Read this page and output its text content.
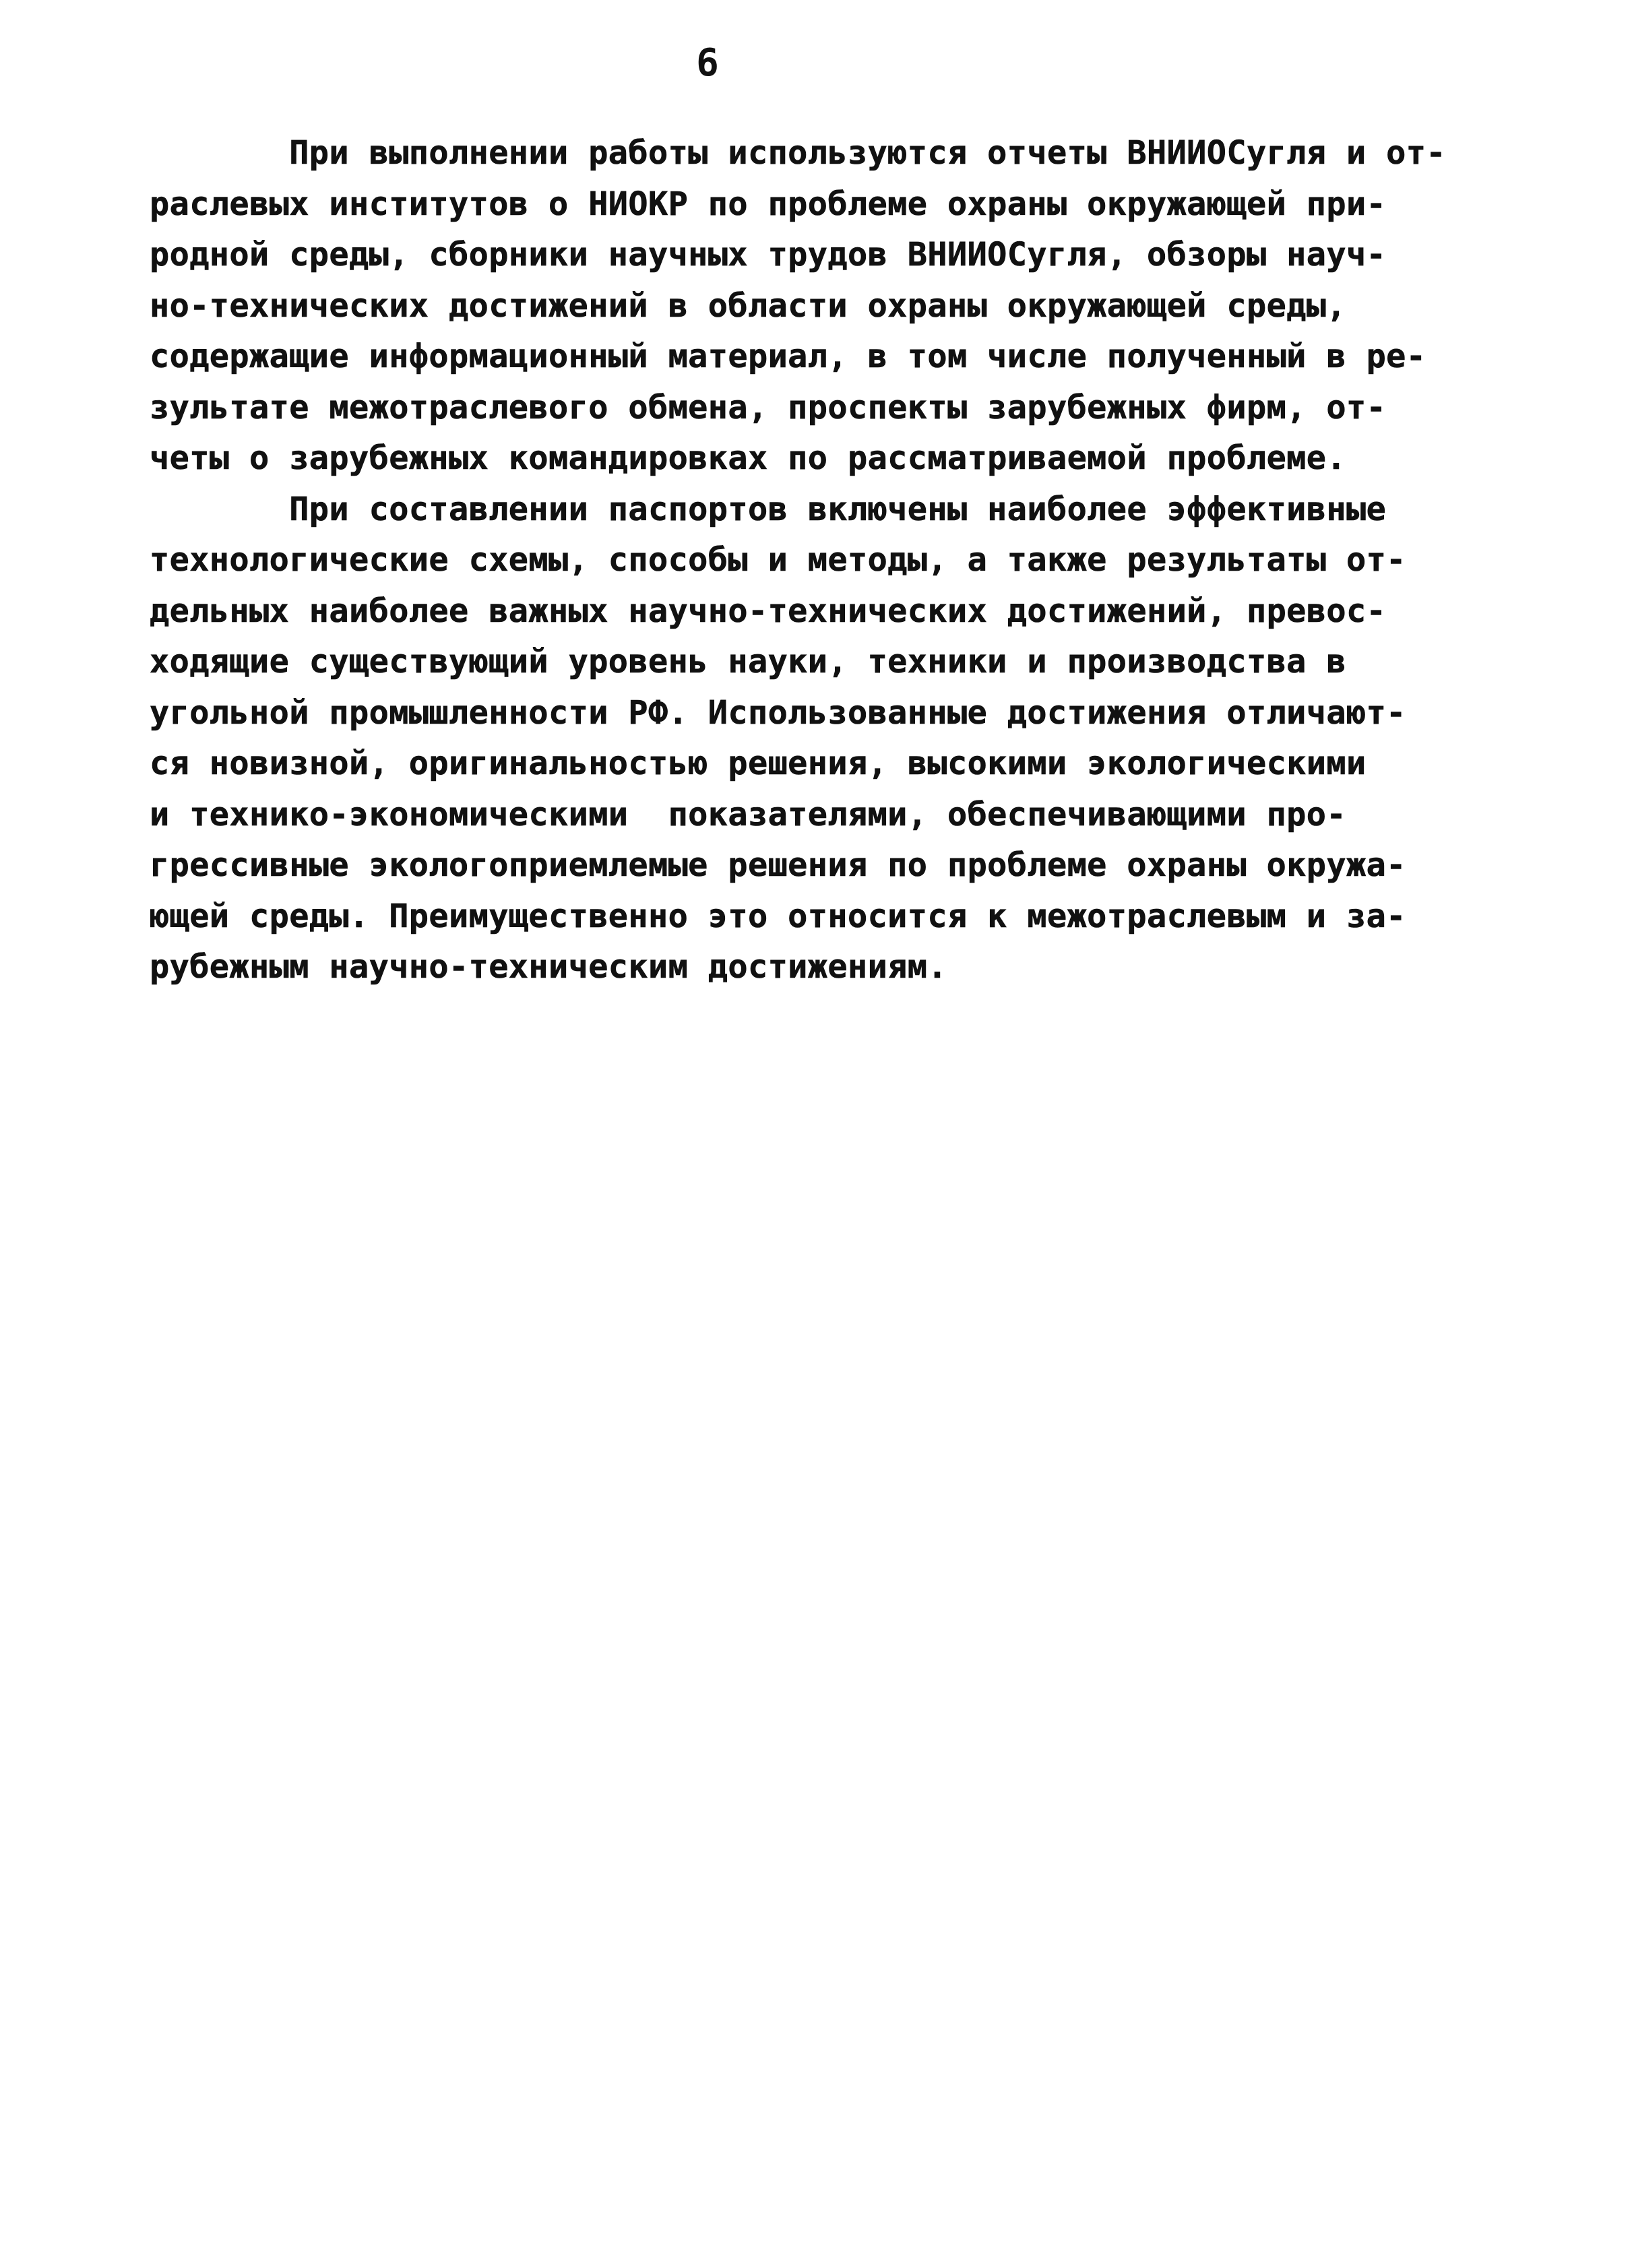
6
При выполнении работы используются отчеты ВНИИОСугля и от-
раслевых институтов о НИОКР по проблеме охраны окружающей при-
родной среды, сборники научных трудов ВНИИОСугля, обзоры науч-
но-технических достижений в области охраны окружающей среды,
содержащие информационный материал, в том числе полученный в ре-
зультате межотраслевого обмена, проспекты зарубежных фирм, от-
четы о зарубежных командировках по рассматриваемой проблеме.
При составлении паспортов включены наиболее эффективные
технологические схемы, способы и методы, а также результаты от-
дельных наиболее важных научно-технических достижений, превос-
ходящие существующий уровень науки, техники и производства в
угольной промышленности РФ. Использованные достижения отличают-
ся новизной, оригинальностью решения, высокими экологическими
и технико-экономическими  показателями, обеспечивающими про-
грессивные экологоприемлемые решения по проблеме охраны окружа-
ющей среды. Преимущественно это относится к межотраслевым и за-
рубежным научно-техническим достижениям.
